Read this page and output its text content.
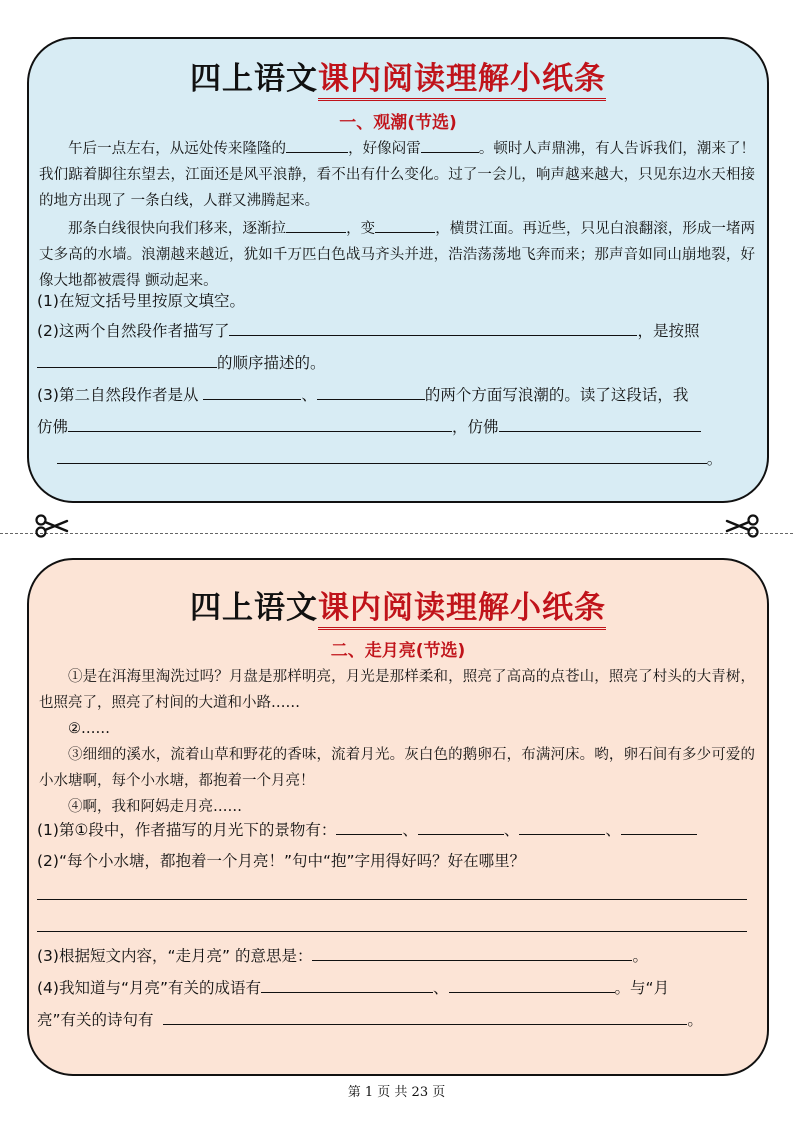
四上语文课内阅读理解小纸条
一、观潮(节选)

午后一点左右，从远处传来隆隆的	，好像闷雷	。顿时人声鼎沸，有人告诉我们，潮来了！我们踮着脚往东望去，江面还是风平浪静，看不出有什么变化。过了一会儿，响声越来越大，只见东边水天相接的地方出现了 一条白线，人群又沸腾起来。

那条白线很快向我们移来，逐渐拉	，变	，横贯江面。再近些，只见白浪翻滚，形成一堵两丈多高的水墙。浪潮越来越近，犹如千万匹白色战马齐头并进，浩浩荡荡地飞奔而来；那声音如同山崩地裂，好像大地都被震得 颤动起来。

(1)在短文括号里按原文填空。
(2)这两个自然段作者描写了	，是按照
的顺序描述的。
(3)第二自然段作者是从	、	的两个方面写浪潮的。读了这段话，我
仿佛	，仿佛
。
四上语文课内阅读理解小纸条
二、走月亮(节选)

①是在洱海里淘洗过吗？月盘是那样明亮，月光是那样柔和，照亮了高高的点苍山，照亮了村头的大青树，也照亮了，照亮了村间的大道和小路……

②……

③细细的溪水，流着山草和野花的香味，流着月光。灰白色的鹅卵石，布满河床。哟，卵石间有多少可爱的小水塘啊，每个小水塘，都抱着一个月亮！

④啊，我和阿妈走月亮……

(1)第①段中，作者描写的月光下的景物有：	、	、	、
(2)“每个小水塘，都抱着一个月亮！”句中“抱”字用得好吗？好在哪里？
(3)根据短文内容，“走月亮” 的意思是：	。
(4)我知道与“月亮”有关的成语有	、	。与“月
亮”有关的诗句有	。
第 1 页 共 23 页
